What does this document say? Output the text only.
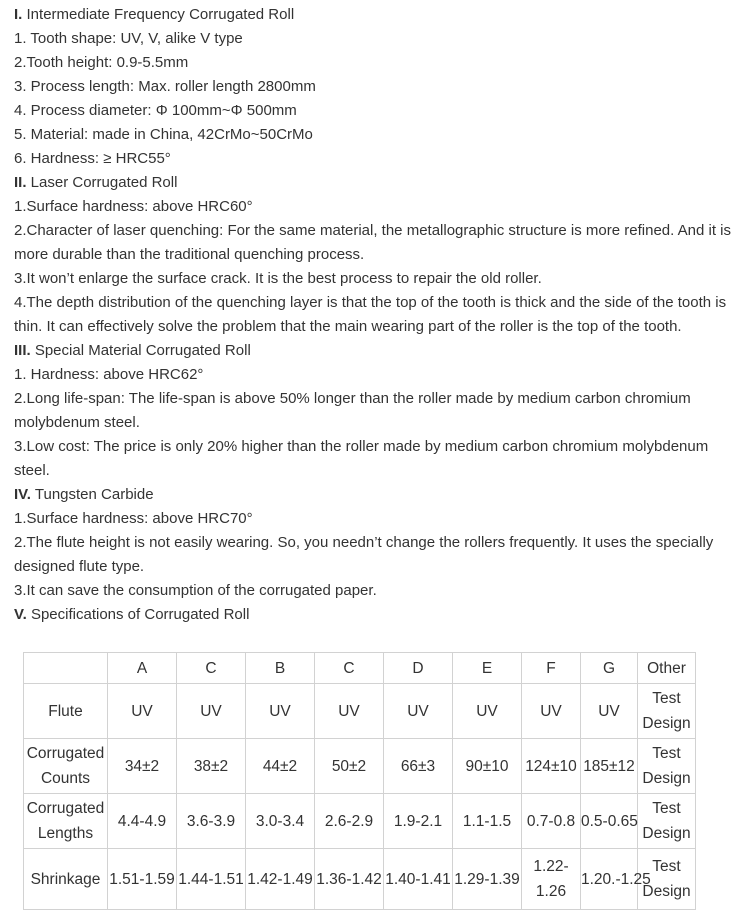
I. Intermediate Frequency Corrugated Roll
1. Tooth shape: UV, V, alike V type
2.Tooth height: 0.9-5.5mm
3. Process length: Max. roller length 2800mm
4. Process diameter: Φ 100mm~Φ 500mm
5. Material: made in China, 42CrMo~50CrMo
6. Hardness: ≥ HRC55°
II. Laser Corrugated Roll
1.Surface hardness: above HRC60°
2.Character of laser quenching: For the same material, the metallographic structure is more refined. And it is more durable than the traditional quenching process.
3.It won’t enlarge the surface crack. It is the best process to repair the old roller.
4.The depth distribution of the quenching layer is that the top of the tooth is thick and the side of the tooth is thin. It can effectively solve the problem that the main wearing part of the roller is the top of the tooth.
III. Special Material Corrugated Roll
1. Hardness: above HRC62°
2.Long life-span: The life-span is above 50% longer than the roller made by medium carbon chromium molybdenum steel.
3.Low cost: The price is only 20% higher than the roller made by medium carbon chromium molybdenum steel.
IV. Tungsten Carbide
1.Surface hardness: above HRC70°
2.The flute height is not easily wearing. So, you needn’t change the rollers frequently. It uses the specially designed flute type.
3.It can save the consumption of the corrugated paper.
V. Specifications of Corrugated Roll
	A	C	B	C	D	E	F	G	Other
Flute	UV	UV	UV	UV	UV	UV	UV	UV	Test Design
Corrugated Counts	34±2	38±2	44±2	50±2	66±3	90±10	124±10	185±12	Test Design
Corrugated Lengths	4.4-4.9	3.6-3.9	3.0-3.4	2.6-2.9	1.9-2.1	1.1-1.5	0.7-0.8	0.5-0.65	Test Design
Shrinkage	1.51-1.59	1.44-1.51	1.42-1.49	1.36-1.42	1.40-1.41	1.29-1.39	1.22-1.26	1.20.-1.25	Test Design
